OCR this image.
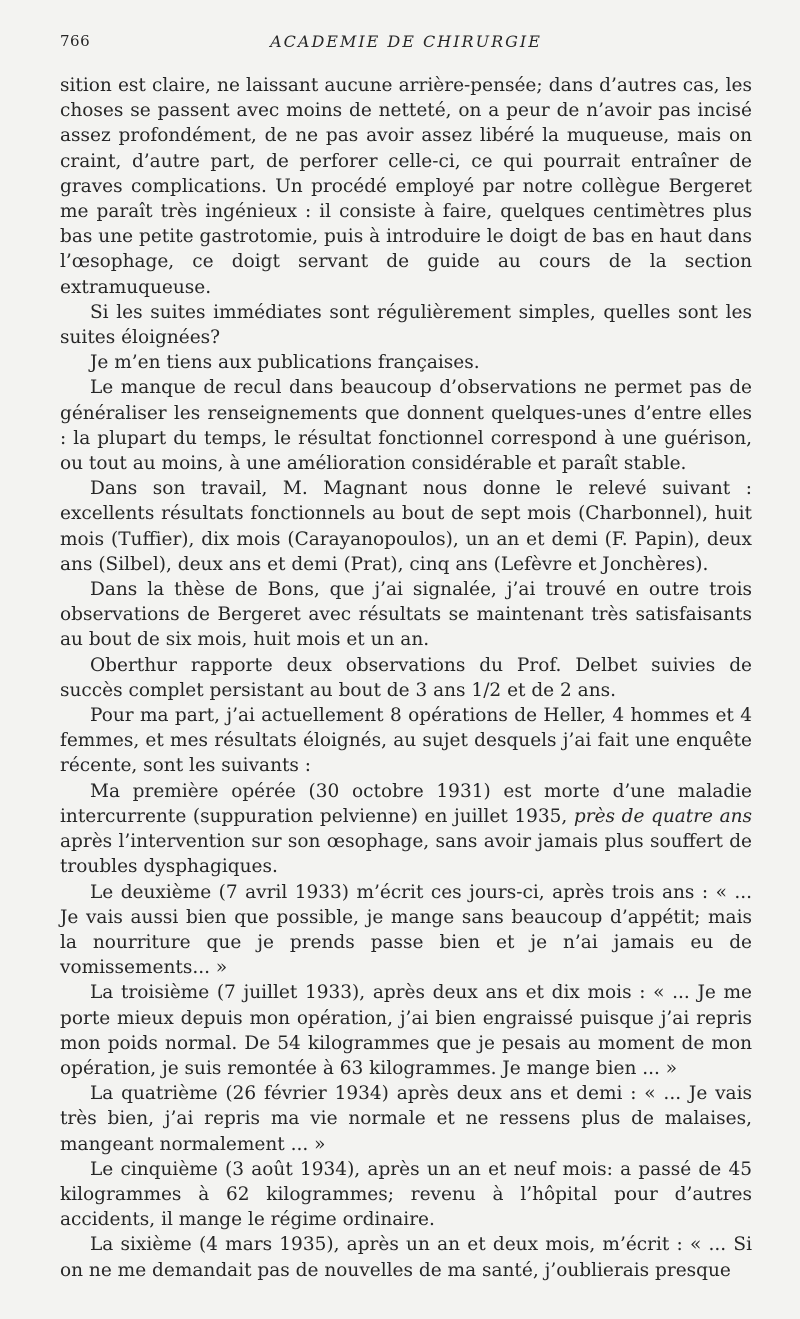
766	ACADEMIE DE CHIRURGIE

sition est claire, ne laissant aucune arrière-pensée; dans d’autres cas, les choses se passent avec moins de netteté, on a peur de n’avoir pas incisé assez profondément, de ne pas avoir assez libéré la muqueuse, mais on craint, d’autre part, de perforer celle-ci, ce qui pourrait entraîner de graves complications. Un procédé employé par notre collègue Bergeret me paraît très ingénieux : il consiste à faire, quelques centimètres plus bas une petite gastrotomie, puis à introduire le doigt de bas en haut dans l’œsophage, ce doigt servant de guide au cours de la section extramuqueuse.

Si les suites immédiates sont régulièrement simples, quelles sont les suites éloignées?

Je m’en tiens aux publications françaises.

Le manque de recul dans beaucoup d’observations ne permet pas de généraliser les renseignements que donnent quelques-unes d’entre elles : la plupart du temps, le résultat fonctionnel correspond à une guérison, ou tout au moins, à une amélioration considérable et paraît stable.

Dans son travail, M. Magnant nous donne le relevé suivant : excellents résultats fonctionnels au bout de sept mois (Charbonnel), huit mois (Tuffier), dix mois (Carayanopoulos), un an et demi (F. Papin), deux ans (Silbel), deux ans et demi (Prat), cinq ans (Lefèvre et Jonchères).

Dans la thèse de Bons, que j’ai signalée, j’ai trouvé en outre trois observations de Bergeret avec résultats se maintenant très satisfaisants au bout de six mois, huit mois et un an.

Oberthur rapporte deux observations du Prof. Delbet suivies de succès complet persistant au bout de 3 ans 1/2 et de 2 ans.

Pour ma part, j’ai actuellement 8 opérations de Heller, 4 hommes et 4 femmes, et mes résultats éloignés, au sujet desquels j’ai fait une enquête récente, sont les suivants :

Ma première opérée (30 octobre 1931) est morte d’une maladie intercurrente (suppuration pelvienne) en juillet 1935, près de quatre ans après l’intervention sur son œsophage, sans avoir jamais plus souffert de troubles dysphagiques.

Le deuxième (7 avril 1933) m’écrit ces jours-ci, après trois ans : « ... Je vais aussi bien que possible, je mange sans beaucoup d’appétit; mais la nourriture que je prends passe bien et je n’ai jamais eu de vomissements... »

La troisième (7 juillet 1933), après deux ans et dix mois : « ... Je me porte mieux depuis mon opération, j’ai bien engraissé puisque j’ai repris mon poids normal. De 54 kilogrammes que je pesais au moment de mon opération, je suis remontée à 63 kilogrammes. Je mange bien ... »

La quatrième (26 février 1934) après deux ans et demi : « ... Je vais très bien, j’ai repris ma vie normale et ne ressens plus de malaises, mangeant normalement ... »

Le cinquième (3 août 1934), après un an et neuf mois: a passé de 45 kilogrammes à 62 kilogrammes; revenu à l’hôpital pour d’autres accidents, il mange le régime ordinaire.

La sixième (4 mars 1935), après un an et deux mois, m’écrit : « ... Si on ne me demandait pas de nouvelles de ma santé, j’oublierais presque
